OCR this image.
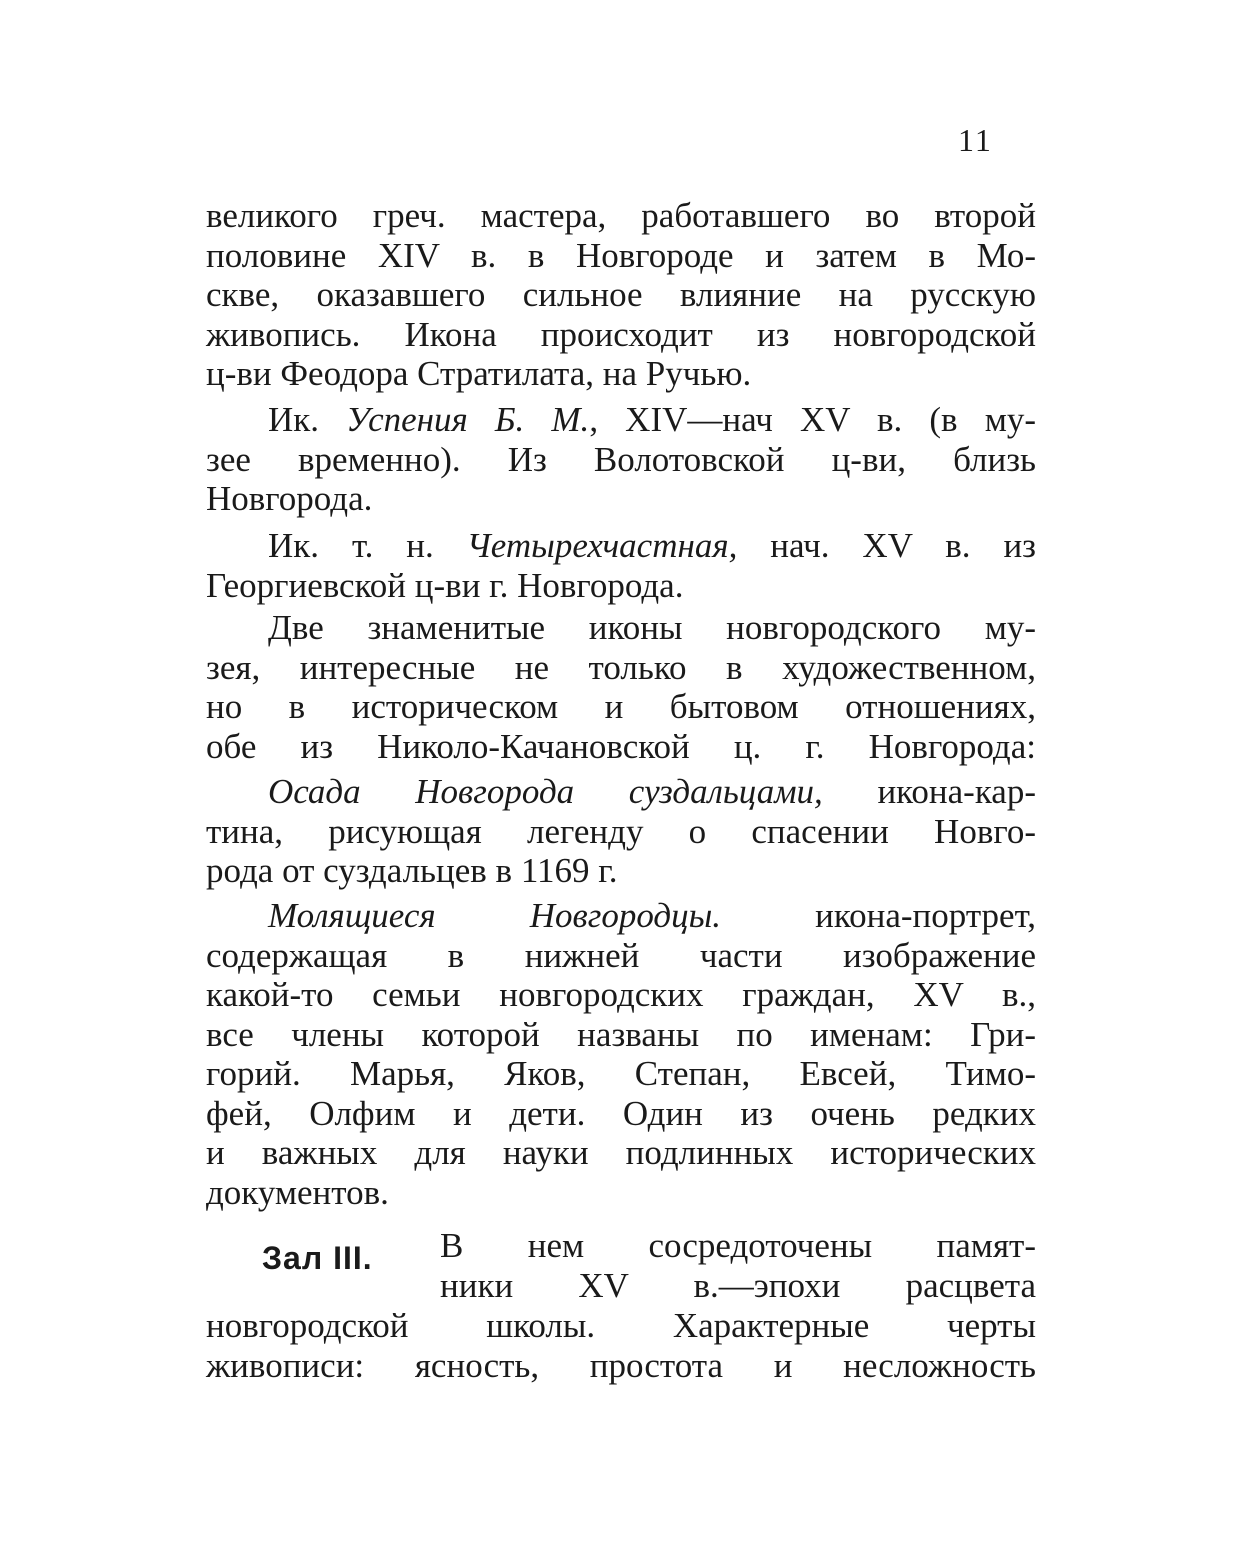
11
великого греч. мастера, работавшего во второй
половине XIV в. в Новгороде и затем в Мо-
скве, оказавшего сильное влияние на русскую
живопись. Икона происходит из новгородской
ц-ви Феодора Стратилата, на Ручью.
Ик. Успения Б. М., XIV—нач XV в. (в му-
зее временно). Из Волотовской ц-ви, близь
Новгорода.
Ик. т. н. Четырехчастная, нач. XV в. из
Георгиевской ц-ви г. Новгорода.
Две знаменитые иконы новгородского му-
зея, интересные не только в художественном,
но в историческом и бытовом отношениях,
обе из Николо-Качановской ц. г. Новгорода:
Осада Новгорода суздальцами, икона-кар-
тина, рисующая легенду о спасении Новго-
рода от суздальцев в 1169 г.
Молящиеся Новгородцы. икона-портрет,
содержащая в нижней части изображение
какой-то семьи новгородских граждан, XV в.,
все члены которой названы по именам: Гри-
горий. Марья, Яков, Степан, Евсей, Тимо-
фей, Олфим и дети. Один из очень редких
и важных для науки подлинных исторических
документов.
Зал III. В нем сосредоточены памят-
ники XV в.—эпохи расцвета
новгородской школы. Характерные черты
живописи: ясность, простота и несложность
